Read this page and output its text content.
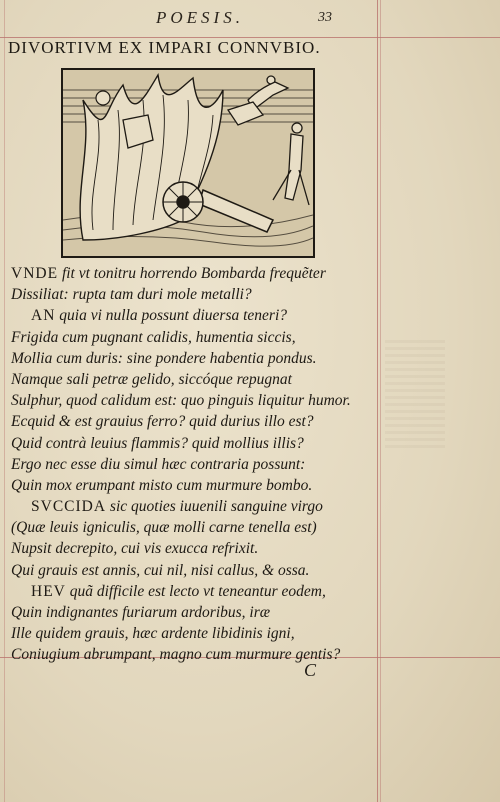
POESIS.	33
DIVORTIVM EX IMPARI CONNVBIO.
VNDE fit vt tonitru horrendo Bombarda frequẽter
Dissiliat: rupta tam duri mole metalli?
AN quia vi nulla possunt diuersa teneri?
Frigida cum pugnant calidis, humentia siccis,
Mollia cum duris: sine pondere habentia pondus.
Namque sali petræ gelido, siccóque repugnat
Sulphur, quod calidum est: quo pinguis liquitur humor.
Ecquid & est grauius ferro? quid durius illo est?
Quid contrà leuius flammis? quid mollius illis?
Ergo nec esse diu simul hæc contraria possunt:
Quin mox erumpant misto cum murmure bombo.
SVCCIDA sic quoties iuuenili sanguine virgo
(Quæ leuis igniculis, quæ molli carne tenella est)
Nupsit decrepito, cui vis exucca refrixit.
Qui grauis est annis, cui nil, nisi callus, & ossa.
HEV quã difficile est lecto vt teneantur eodem,
Quin indignantes furiarum ardoribus, iræ
Ille quidem grauis, hæc ardente libidinis igni,
Coniugium abrumpant, magno cum murmure gentis?
C
